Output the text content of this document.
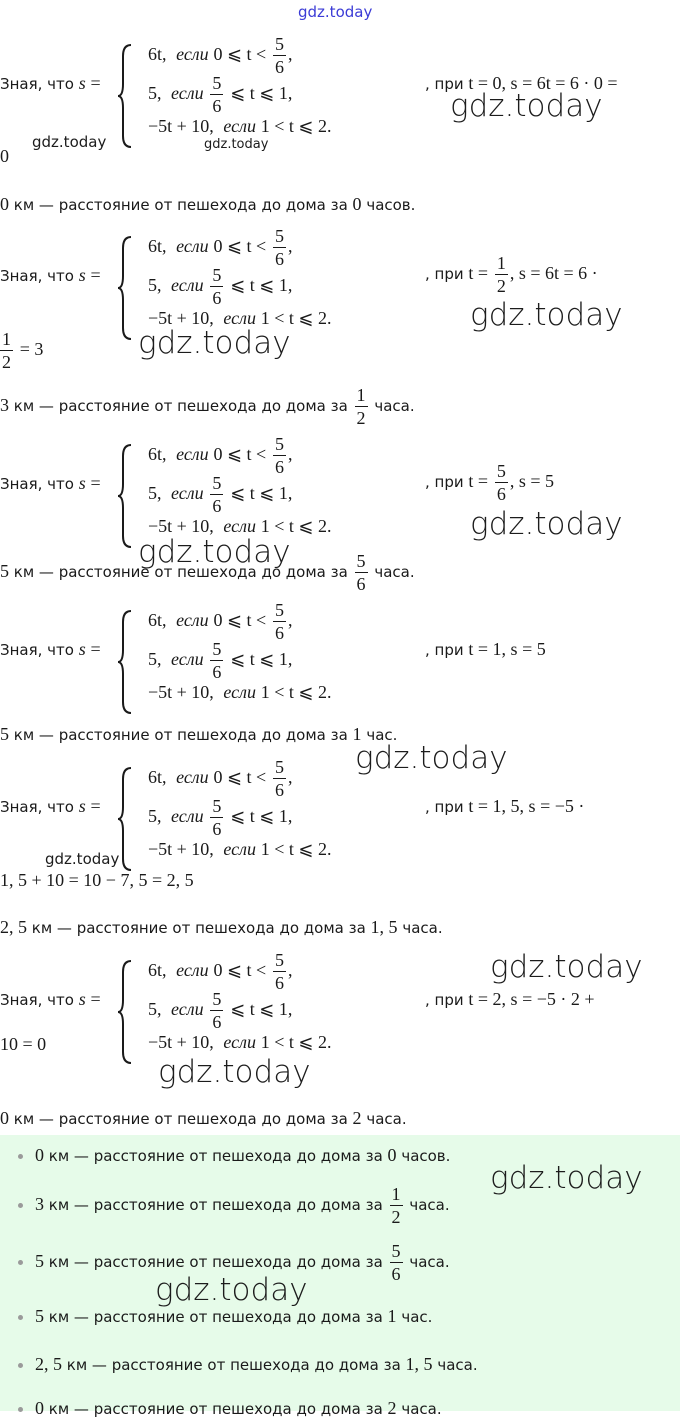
gdz.today
Зная, что s =
6t, если 0 ⩽ $t < \frac{5}{6}$ ,
5, если $\frac{5}{6}$ ⩽ t ⩽ 1,
−5t + 10, если 1 < t ⩽ 2.
, при t = 0, s = 6t = 6 · 0 =
0
0 км — расстояние от пешехода до дома за 0 часов.
Зная, что s =
6t, если 0 ⩽ $t < \frac{5}{6}$ ,
5, если $\frac{5}{6}$ ⩽ t ⩽ 1,
−5t + 10, если 1 < t ⩽ 2.
, при $t = \frac{1}{2}$ , s = 6t = 6 ·
$\frac{1}{2} = 3$
3 км — расстояние от пешехода до дома за $\frac{1}{2}$ часа.
Зная, что s =
6t, если 0 ⩽ $t < \frac{5}{6}$ ,
5, если $\frac{5}{6}$ ⩽ t ⩽ 1,
−5t + 10, если 1 < t ⩽ 2.
, при $t = \frac{5}{6}$ , s = 5
5 км — расстояние от пешехода до дома за $\frac{5}{6}$ часа.
Зная, что s =
6t, если 0 ⩽ $t < \frac{5}{6}$ ,
5, если $\frac{5}{6}$ ⩽ t ⩽ 1,
−5t + 10, если 1 < t ⩽ 2.
, при t = 1, s = 5
5 км — расстояние от пешехода до дома за 1 час.
Зная, что s =
6t, если 0 ⩽ $t < \frac{5}{6}$ ,
5, если $\frac{5}{6}$ ⩽ t ⩽ 1,
−5t + 10, если 1 < t ⩽ 2.
, при t = 1, 5, s = −5 ·
1, 5 + 10 = 10 − 7, 5 = 2, 5
2, 5 км — расстояние от пешехода до дома за 1, 5 часа.
Зная, что s =
6t, если 0 ⩽ $t < \frac{5}{6}$ ,
5, если $\frac{5}{6}$ ⩽ t ⩽ 1,
−5t + 10, если 1 < t ⩽ 2.
, при t = 2, s = −5 · 2 +
10 = 0
0 км — расстояние от пешехода до дома за 2 часа.
0 км — расстояние от пешехода до дома за 0 часов.
3 км — расстояние от пешехода до дома за $\frac{1}{2}$ часа.
5 км — расстояние от пешехода до дома за $\frac{5}{6}$ часа.
5 км — расстояние от пешехода до дома за 1 час.
2, 5 км — расстояние от пешехода до дома за 1, 5 часа.
0 км — расстояние от пешехода до дома за 2 часа.
gdz.today
gdz.today	gdz.today
gdz.today
gdz.today
gdz.today
gdz.today
gdz.today
gdz.today
gdz.today
gdz.today
gdz.today
gdz.today
